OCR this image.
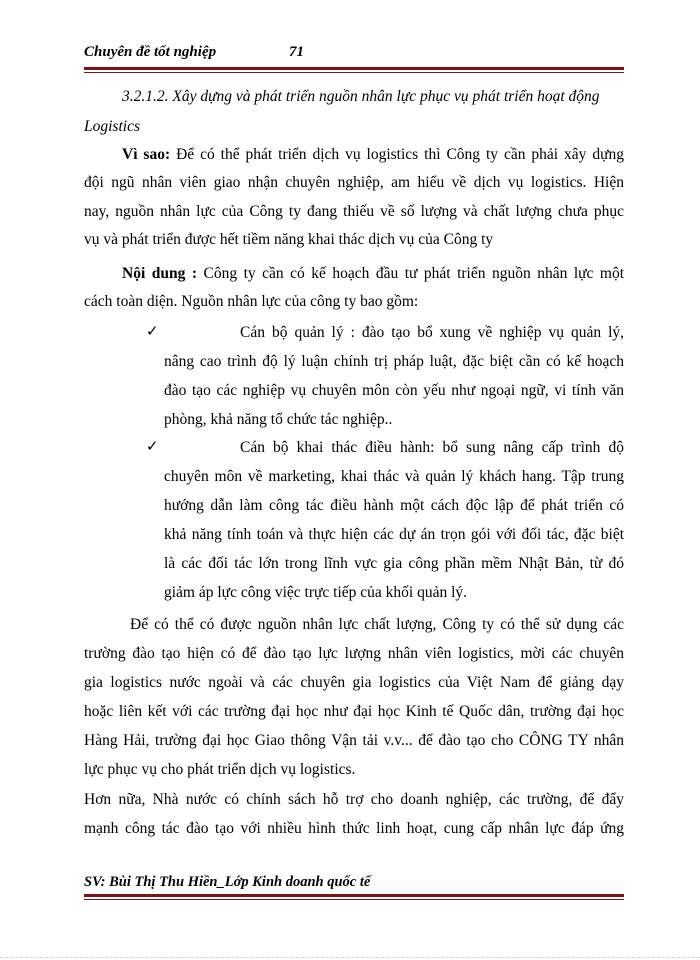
Chuyên đề tốt nghiệp	71
3.2.1.2. Xây dựng và phát triển nguồn nhân lực phục vụ phát triển hoạt động
Logistics
Vì sao: Để có thể phát triển dịch vụ logistics thì Công ty cần phải xây dựng
đội ngũ nhân viên giao nhận chuyên nghiệp, am hiểu về dịch vụ logistics. Hiện
nay, nguồn nhân lực của Công ty đang thiếu về số lượng và chất lượng chưa phục
vụ và phát triển được hết tiềm năng khai thác dịch vụ của Công ty
Nội dung : Công ty cần có kế hoạch đầu tư phát triển nguồn nhân lực một
cách toàn diện. Nguồn nhân lực của công ty bao gồm:
✓	Cán bộ quản lý : đào tạo bổ xung về nghiệp vụ quản lý,
nâng cao trình độ lý luận chính trị pháp luật, đặc biệt cần có kế hoạch
đào tạo các nghiệp vụ chuyên môn còn yếu như ngoại ngữ, vi tính văn
phòng, khả năng tổ chức tác nghiệp..
✓	Cán bộ khai thác điều hành: bổ sung nâng cấp trình độ
chuyên môn về marketing, khai thác và quản lý khách hang. Tập trung
hướng dẫn làm công tác điều hành một cách độc lập để phát triển có
khả năng tính toán và thực hiện các dự án trọn gói với đối tác, đặc biệt
là các đối tác lớn trong lĩnh vực gia công phần mềm Nhật Bản, từ đó
giảm áp lực công việc trực tiếp của khối quản lý.
Để có thể có được nguồn nhân lực chất lượng, Công ty có thể sử dụng các
trường đào tạo hiện có để đào tạo lực lượng nhân viên logistics, mời các chuyên
gia logistics nước ngoài và các chuyên gia logistics của Việt Nam để giảng dạy
hoặc liên kết với các trường đại học như đại học Kinh tế Quốc dân, trường đại học
Hàng Hải, trường đại học Giao thông Vận tải v.v... để đào tạo cho CÔNG TY nhân
lực phục vụ cho phát triển dịch vụ logistics.
Hơn nữa, Nhà nước có chính sách hỗ trợ cho doanh nghiệp, các trường, để đẩy
mạnh công tác đào tạo với nhiều hình thức linh hoạt, cung cấp nhân lực đáp ứng
SV: Bùi Thị Thu Hiền_Lớp Kinh doanh quốc tế
